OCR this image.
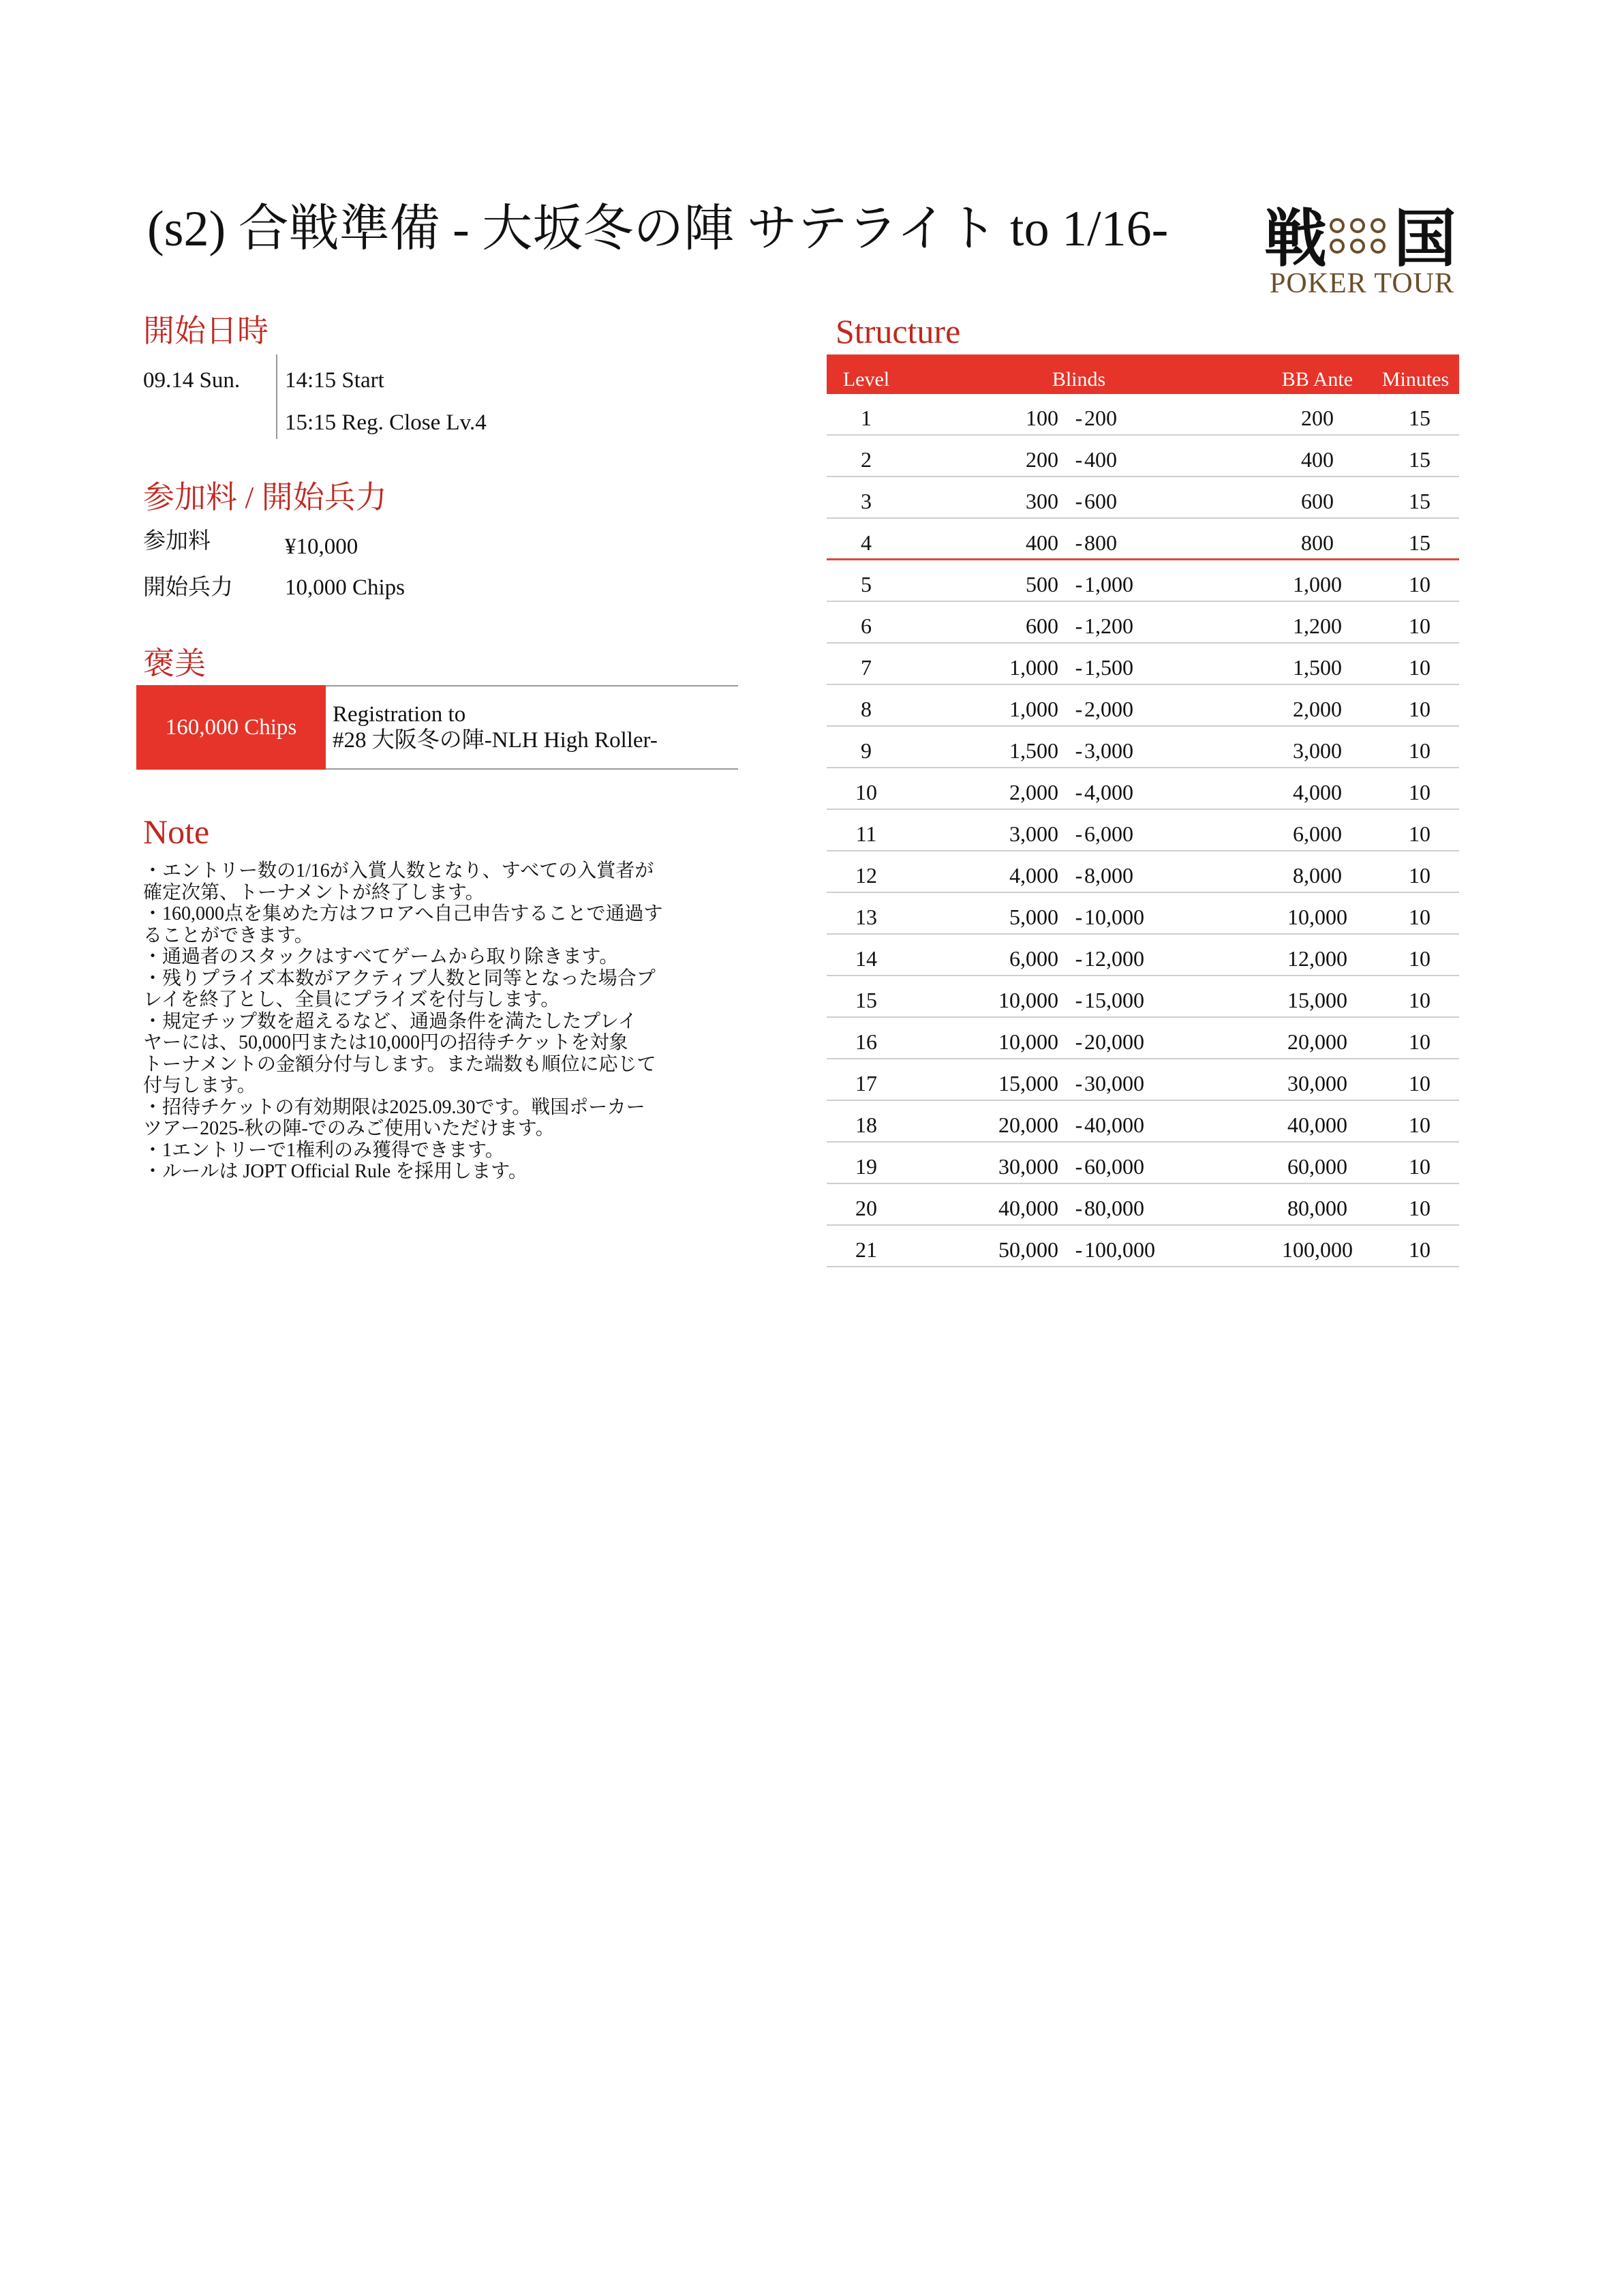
(s2) 合戦準備 - 大坂冬の陣 サテライト to 1/16- 戦 国
POKER TOUR
開始日時
09.14 Sun. 14:15 Start
15:15 Reg. Close Lv.4
参加料 / 開始兵力
参加料	¥10,000
開始兵力 10,000 Chips
褒美
160,000 Chips
Registration to
#28 大阪冬の陣-NLH High Roller-
Note
・エントリー数の1/16が入賞人数となり、すべての入賞者が
確定次第、トーナメントが終了します。
・160,000点を集めた方はフロアへ自己申告することで通過す
ることができます。
・通過者のスタックはすべてゲームから取り除きます。
・残りプライズ本数がアクティブ人数と同等となった場合プ
レイを終了とし、全員にプライズを付与します。
・規定チップ数を超えるなど、通過条件を満たしたプレイ
ヤーには、50,000円または10,000円の招待チケットを対象
トーナメントの金額分付与します。また端数も順位に応じて
付与します。
・招待チケットの有効期限は2025.09.30です。戦国ポーカー
ツアー2025-秋の陣-でのみご使用いただけます。
・1エントリーで1権利のみ獲得できます。
・ルールは JOPT Official Rule を採用します。
Structure
Level	Blinds	BB Ante	Minutes
1	100 - 200	200	15
2	200 - 400	400	15
3	300 - 600	600	15
4	400 - 800	800	15
5	500 - 1,000	1,000	10
6	600 - 1,200	1,200	10
7	1,000 - 1,500	1,500	10
8	1,000 - 2,000	2,000	10
9	1,500 - 3,000	3,000	10
10	2,000 - 4,000	4,000	10
11	3,000 - 6,000	6,000	10
12	4,000 - 8,000	8,000	10
13	5,000 - 10,000	10,000	10
14	6,000 - 12,000	12,000	10
15	10,000 - 15,000	15,000	10
16	10,000 - 20,000	20,000	10
17	15,000 - 30,000	30,000	10
18	20,000 - 40,000	40,000	10
19	30,000 - 60,000	60,000	10
20	40,000 - 80,000	80,000	10
21	50,000 - 100,000	100,000	10
